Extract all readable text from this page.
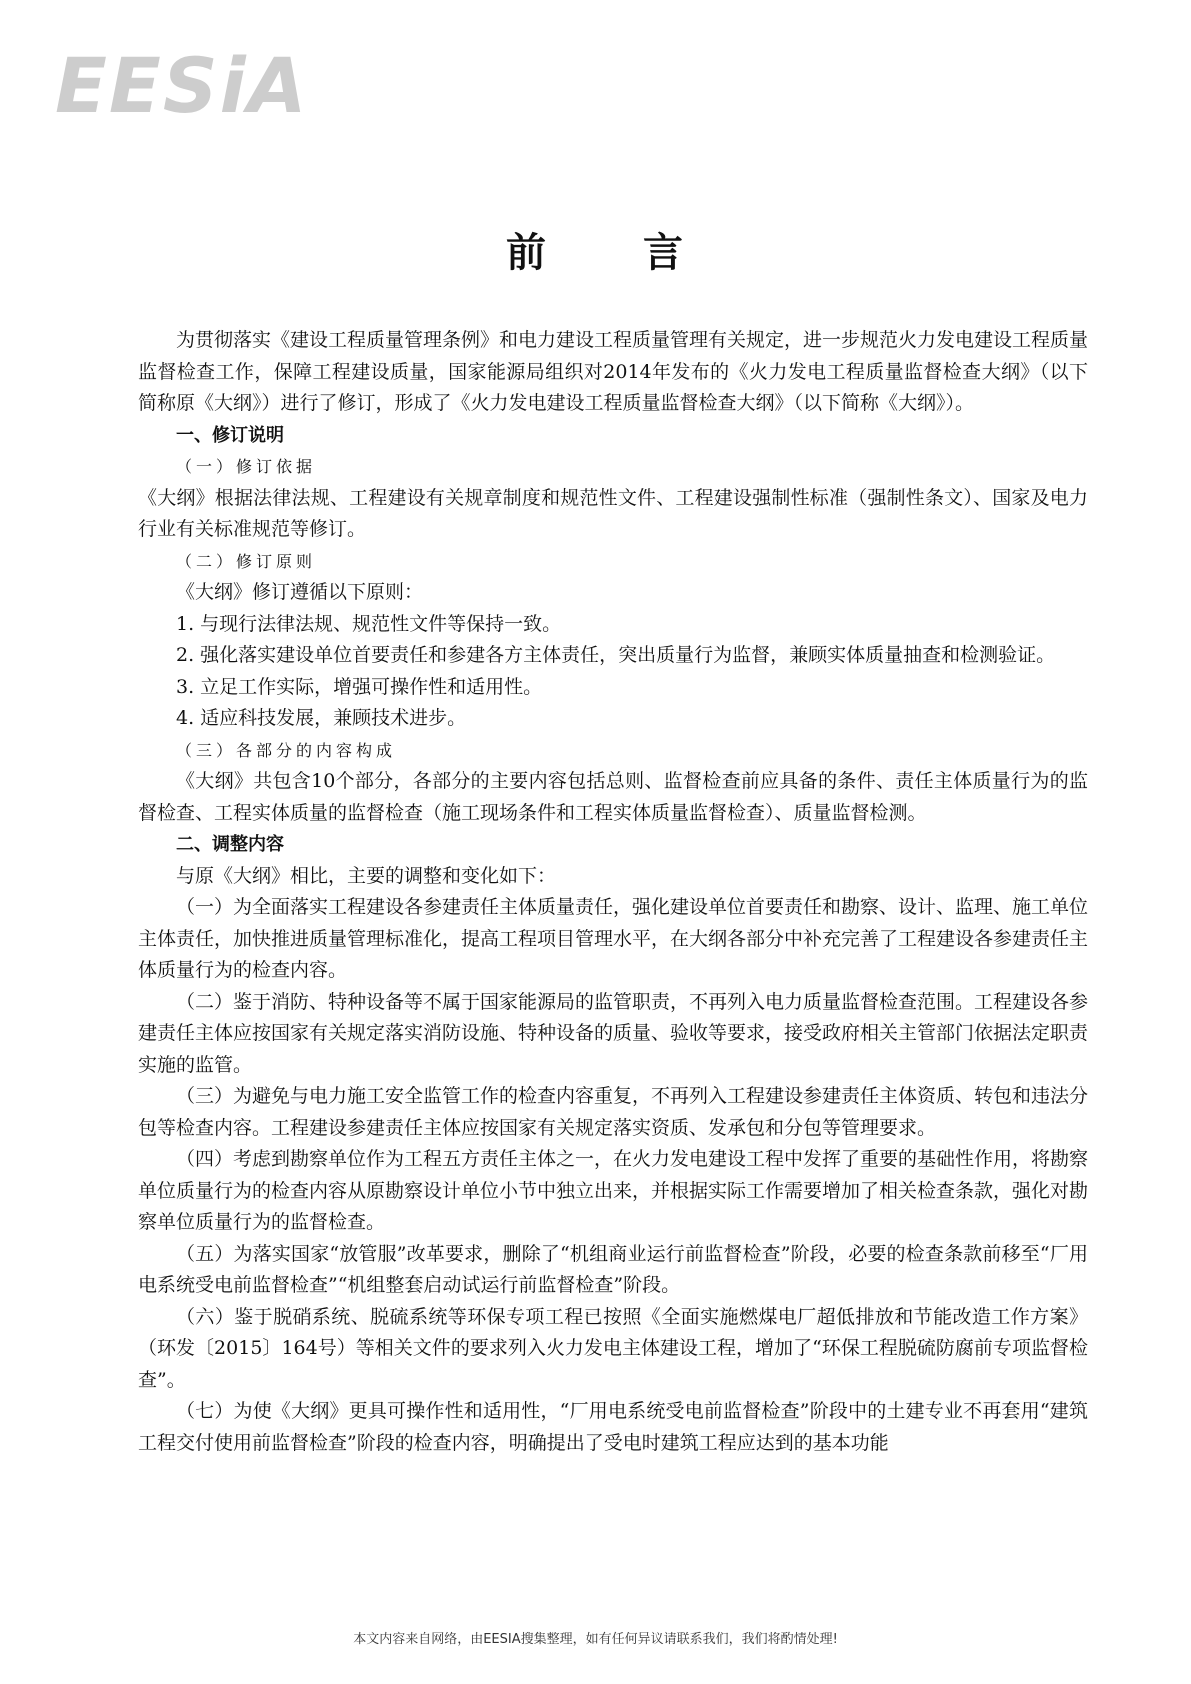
EESiA
前 言

为贯彻落实《建设工程质量管理条例》和电力建设工程质量管理有关规定，进一步规范火力发电建设工程质量监督检查工作，保障工程建设质量，国家能源局组织对2014年发布的《火力发电工程质量监督检查大纲》（以下简称原《大纲》）进行了修订，形成了《火力发电建设工程质量监督检查大纲》（以下简称《大纲》）。

一、修订说明

（一）修订依据

《大纲》根据法律法规、工程建设有关规章制度和规范性文件、工程建设强制性标准（强制性条文）、国家及电力行业有关标准规范等修订。

（二）修订原则

《大纲》修订遵循以下原则：

1. 与现行法律法规、规范性文件等保持一致。

2. 强化落实建设单位首要责任和参建各方主体责任，突出质量行为监督，兼顾实体质量抽查和检测验证。

3. 立足工作实际，增强可操作性和适用性。

4. 适应科技发展，兼顾技术进步。

（三）各部分的内容构成

《大纲》共包含10个部分，各部分的主要内容包括总则、监督检查前应具备的条件、责任主体质量行为的监督检查、工程实体质量的监督检查（施工现场条件和工程实体质量监督检查）、质量监督检测。

二、调整内容

与原《大纲》相比，主要的调整和变化如下：

（一）为全面落实工程建设各参建责任主体质量责任，强化建设单位首要责任和勘察、设计、监理、施工单位主体责任，加快推进质量管理标准化，提高工程项目管理水平，在大纲各部分中补充完善了工程建设各参建责任主体质量行为的检查内容。

（二）鉴于消防、特种设备等不属于国家能源局的监管职责，不再列入电力质量监督检查范围。工程建设各参建责任主体应按国家有关规定落实消防设施、特种设备的质量、验收等要求，接受政府相关主管部门依据法定职责实施的监管。

（三）为避免与电力施工安全监管工作的检查内容重复，不再列入工程建设参建责任主体资质、转包和违法分包等检查内容。工程建设参建责任主体应按国家有关规定落实资质、发承包和分包等管理要求。

（四）考虑到勘察单位作为工程五方责任主体之一，在火力发电建设工程中发挥了重要的基础性作用，将勘察单位质量行为的检查内容从原勘察设计单位小节中独立出来，并根据实际工作需要增加了相关检查条款，强化对勘察单位质量行为的监督检查。

（五）为落实国家“放管服”改革要求，删除了“机组商业运行前监督检查”阶段，必要的检查条款前移至“厂用电系统受电前监督检查”“机组整套启动试运行前监督检查”阶段。

（六）鉴于脱硝系统、脱硫系统等环保专项工程已按照《全面实施燃煤电厂超低排放和节能改造工作方案》（环发〔2015〕164号）等相关文件的要求列入火力发电主体建设工程，增加了“环保工程脱硫防腐前专项监督检查”。

（七）为使《大纲》更具可操作性和适用性，“厂用电系统受电前监督检查”阶段中的土建专业不再套用“建筑工程交付使用前监督检查”阶段的检查内容，明确提出了受电时建筑工程应达到的基本功能

本文内容来自网络，由EESIA搜集整理，如有任何异议请联系我们，我们将酌情处理!
